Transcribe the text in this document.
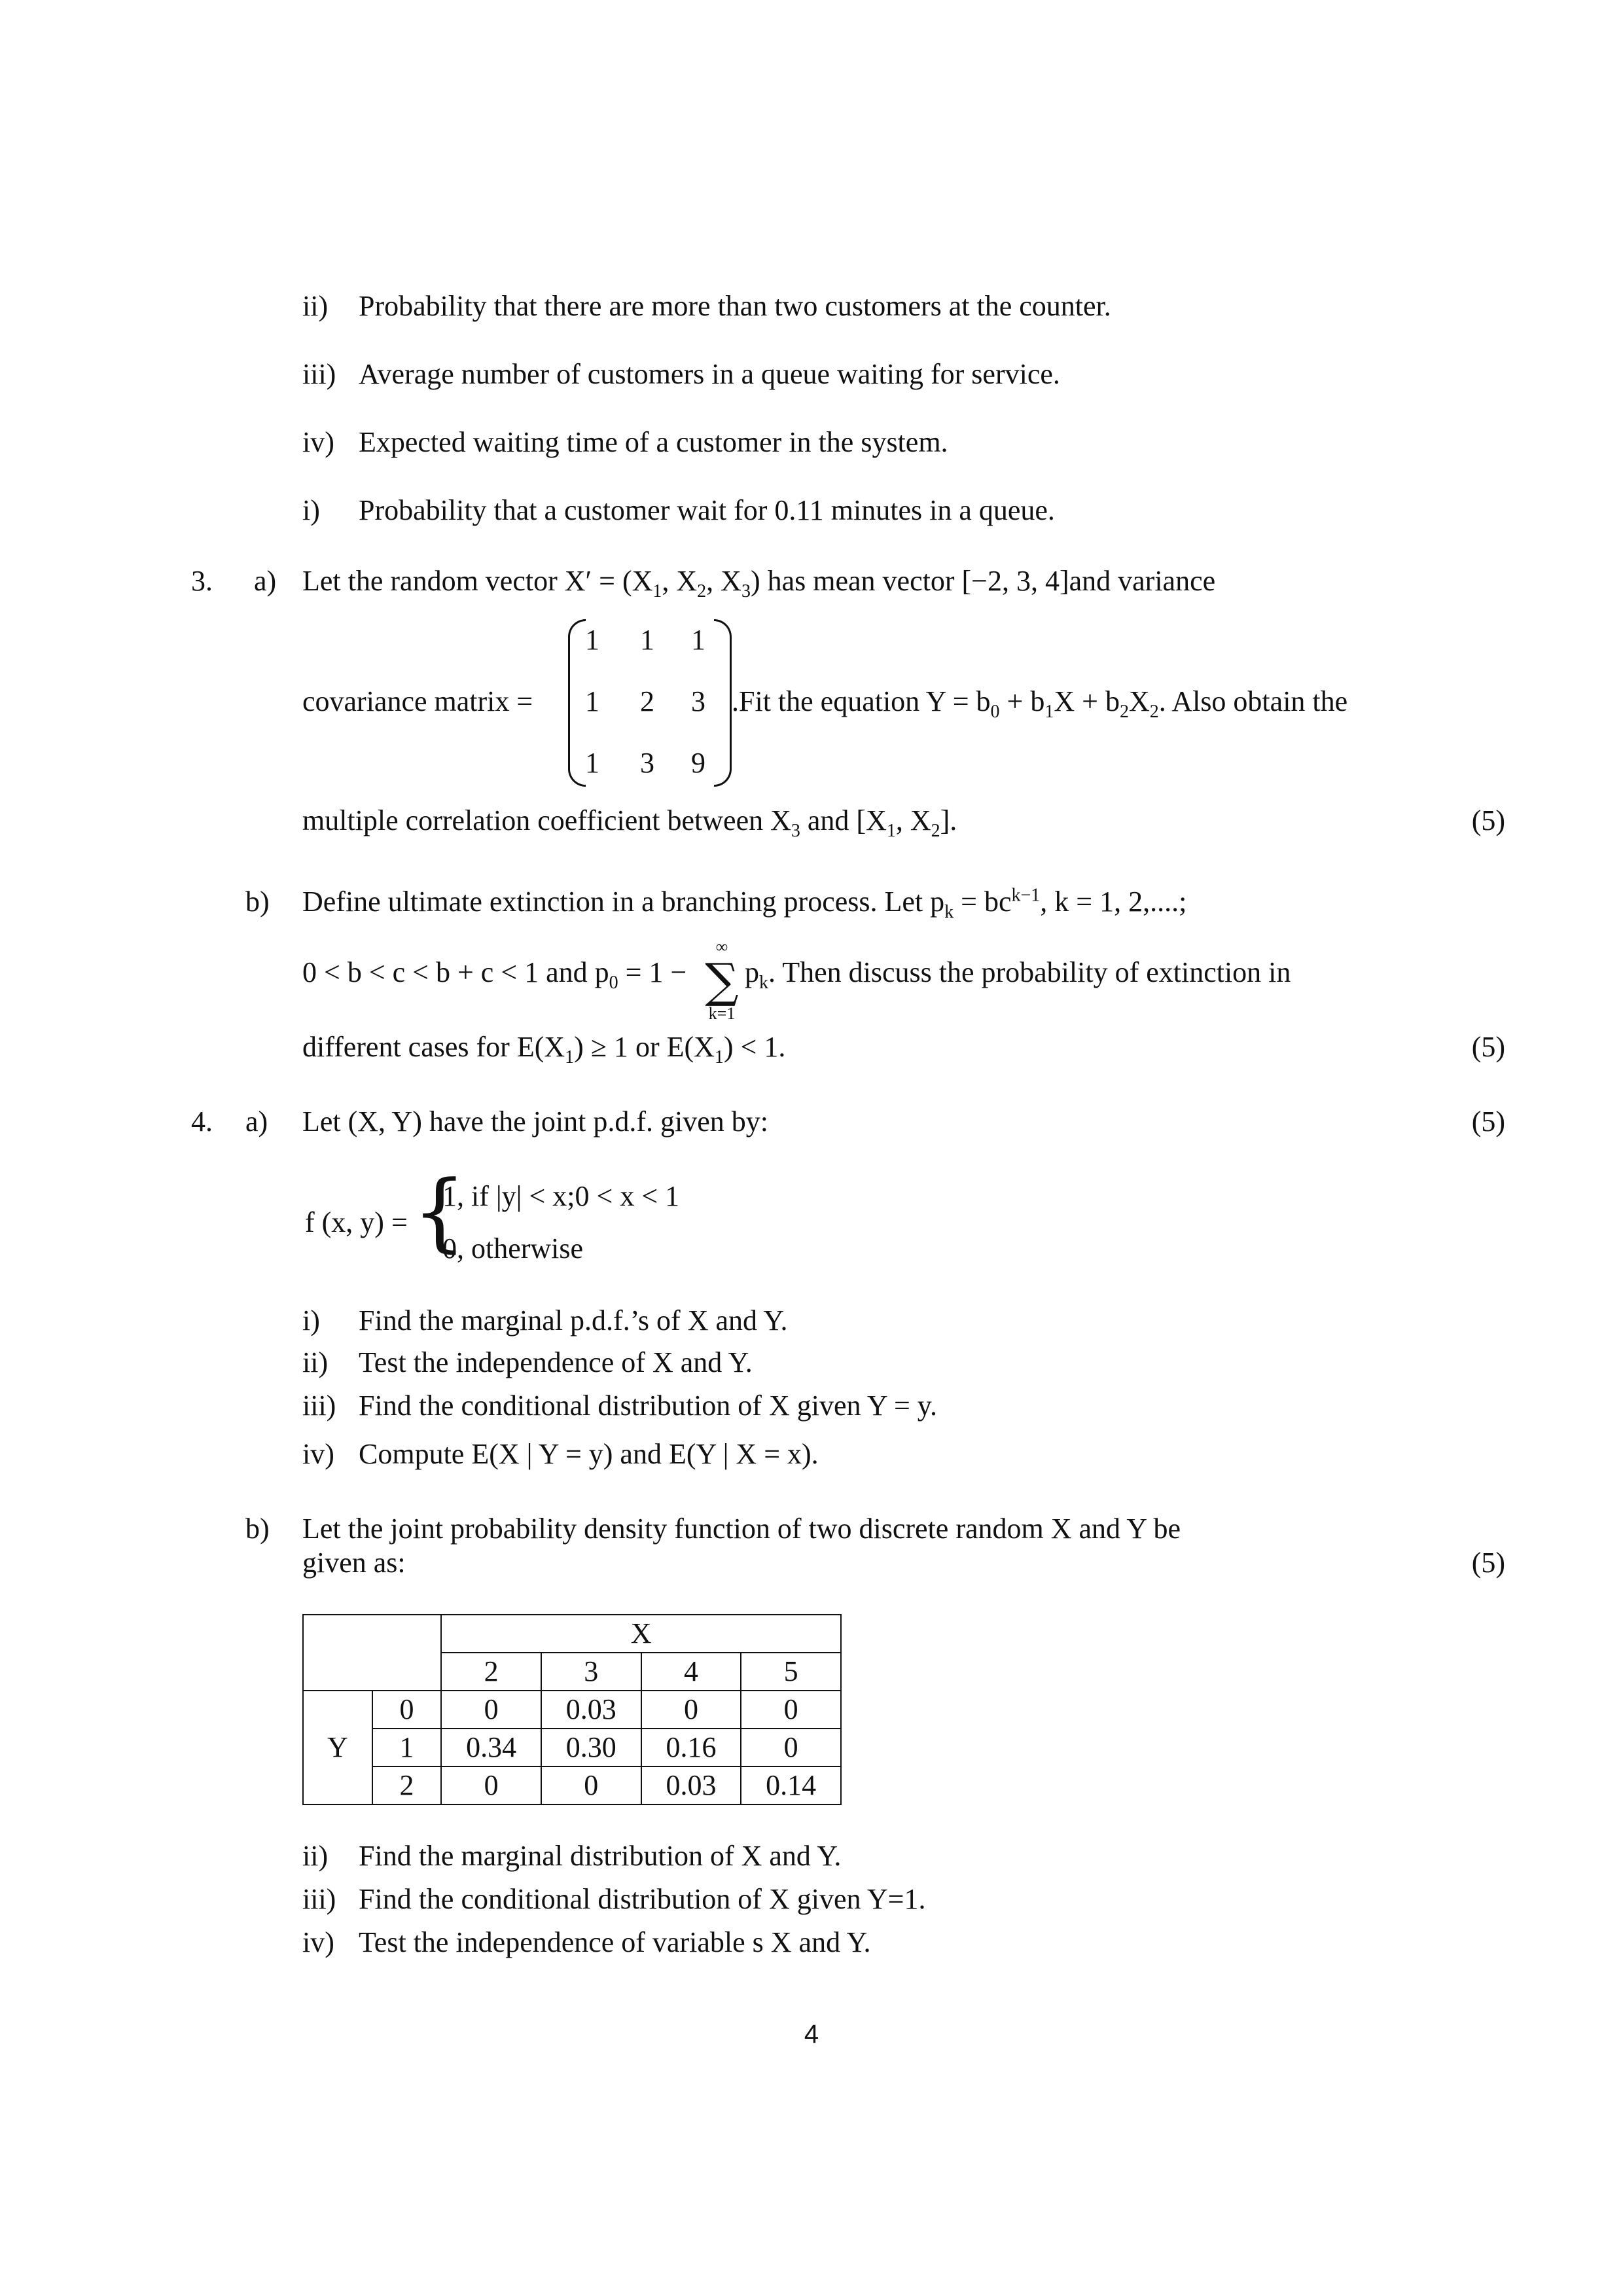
ii) Probability that there are more than two customers at the counter.
iii) Average number of customers in a queue waiting for service.
iv) Expected waiting time of a customer in the system.
i) Probability that a customer wait for 0.11 minutes in a queue.
3. a) Let the random vector $X' = (X_1$, $X_2$, $X_3$) has mean vector [−2, 3, 4]and variance
covariance matrix =
1	1	1
1	2	3
1	3	9
.Fit the equation $Y = b_0 + b_1X + b_2X_2$. Also obtain the
multiple correlation coefficient between $X_3$ and [$X_1$, $X_2$].	(5)
b) Define ultimate extinction in a branching process. Let $p_k = bc^{k-1}$, k = 1, 2,....;
0 < b < c < b + c < 1 and $p_0 = 1$ −
∞
∑
k=1
$p_k$. Then discuss the probability of extinction in
different cases for $E(X_1) \ge 1$ or $E(X_1) < 1$.	(5)
4. a) Let (X, Y) have the joint p.d.f. given by:	(5)
f (x, y) = {
1, if |y| < x;0 < x < 1
0, otherwise
i) Find the marginal p.d.f.’s of X and Y.
ii) Test the independence of X and Y.
iii) Find the conditional distribution of X given Y = y.
iv) Compute E(X | Y = y) and E(Y | X = x).
b) Let the joint probability density function of two discrete random X and Y be
given as:	(5)
		X			
		2	3	4	5
Y	0	0	0.03	0	0
	1	0.34	0.30	0.16	0
	2	0	0	0.03	0.14
ii) Find the marginal distribution of X and Y.
iii) Find the conditional distribution of X given Y=1.
iv) Test the independence of variable s X and Y.
4
